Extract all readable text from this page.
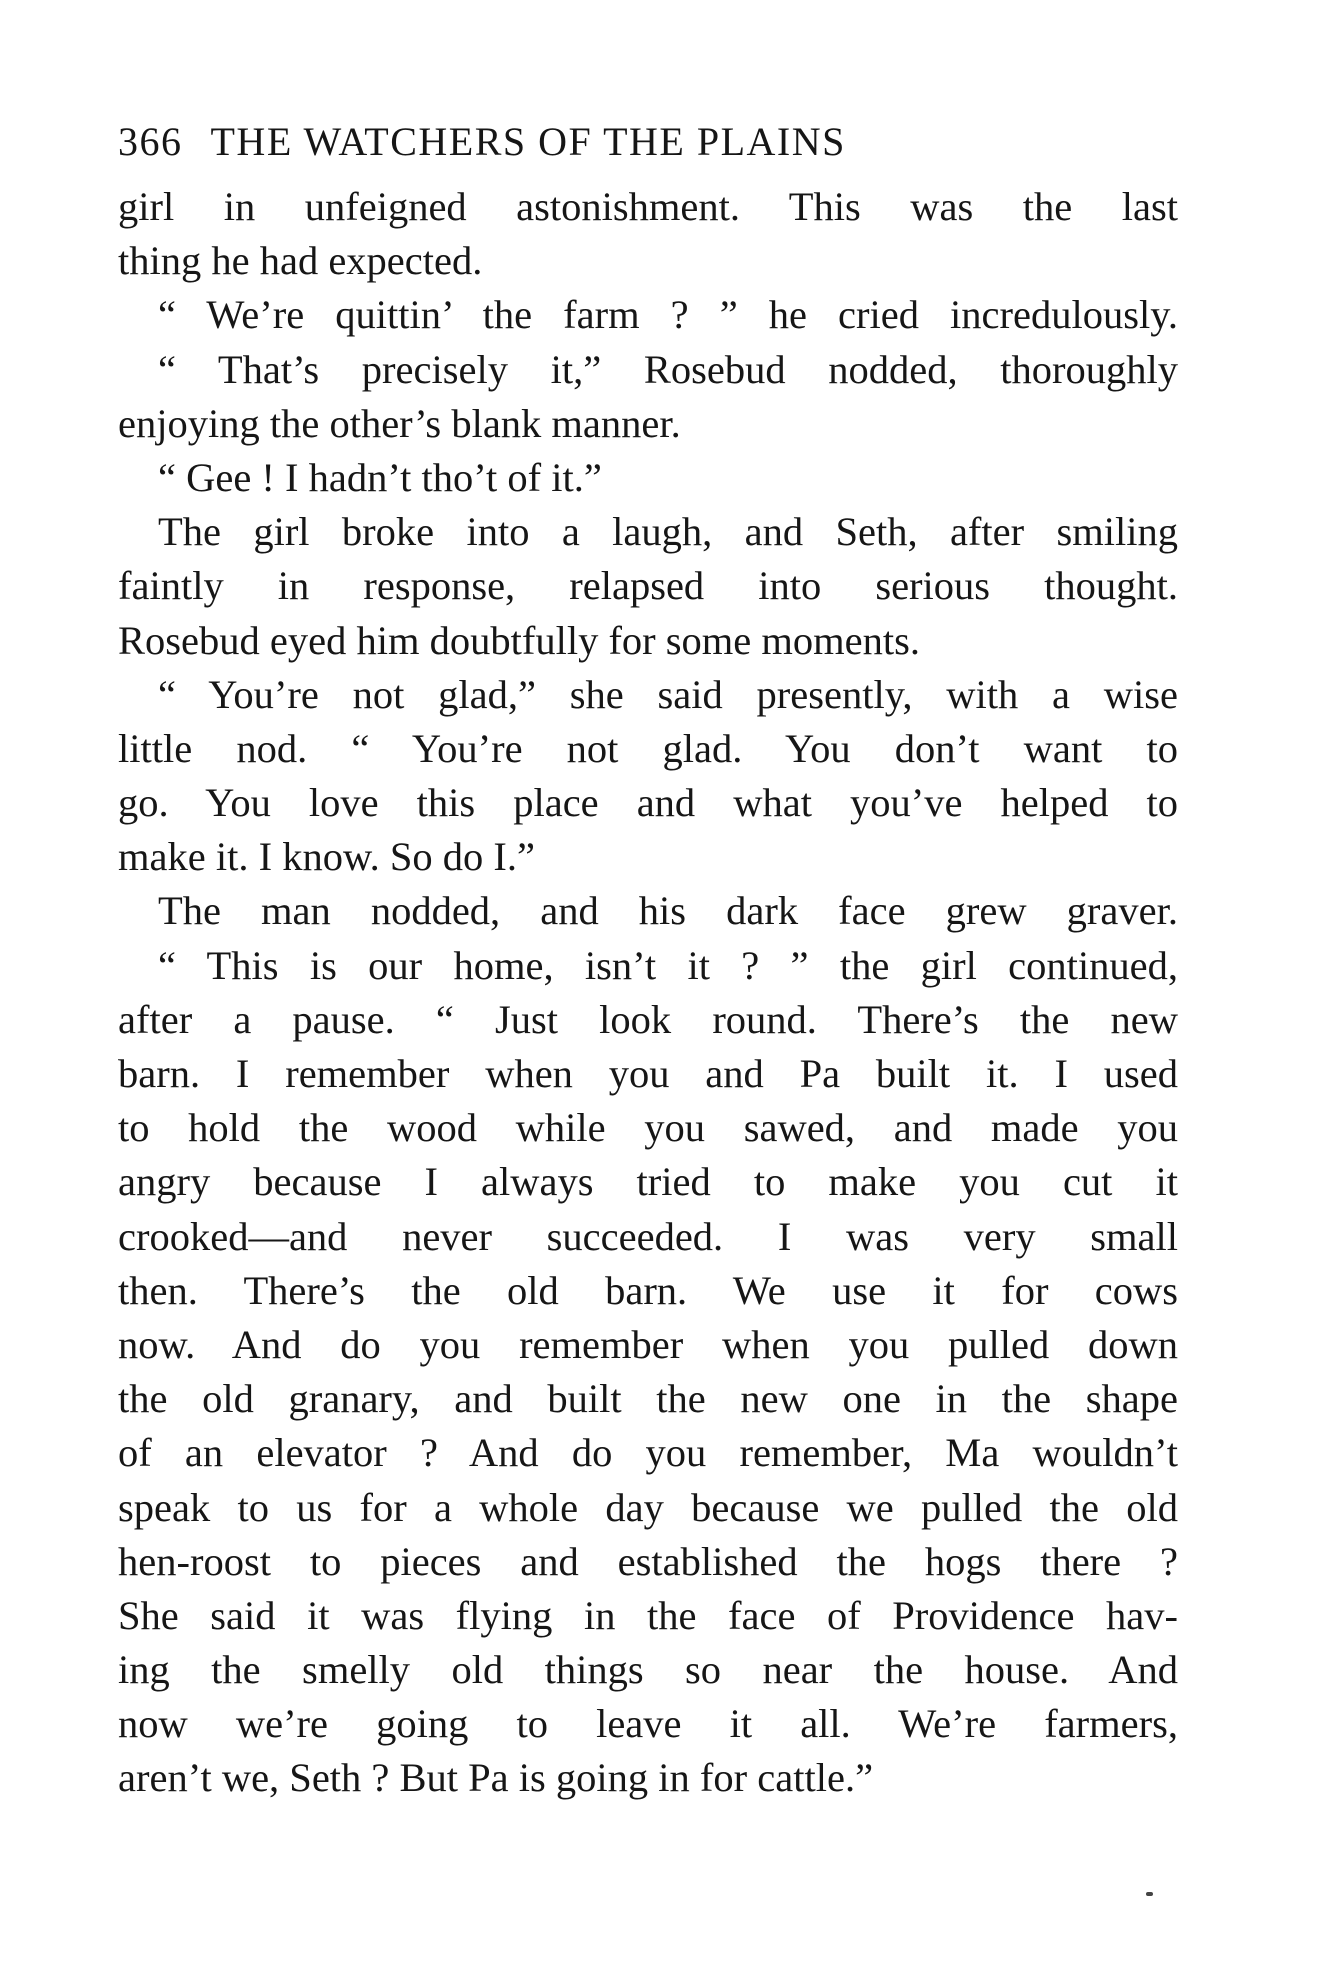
366 THE WATCHERS OF THE PLAINS
girl in unfeigned astonishment. This was the last
thing he had expected.
“ We’re quittin’ the farm ? ” he cried incredulously.
“ That’s precisely it,” Rosebud nodded, thoroughly
enjoying the other’s blank manner.
“ Gee ! I hadn’t tho’t of it.”
The girl broke into a laugh, and Seth, after smiling
faintly in response, relapsed into serious thought.
Rosebud eyed him doubtfully for some moments.
“ You’re not glad,” she said presently, with a wise
little nod. “ You’re not glad. You don’t want to
go. You love this place and what you’ve helped to
make it. I know. So do I.”
The man nodded, and his dark face grew graver.
“ This is our home, isn’t it ? ” the girl continued,
after a pause. “ Just look round. There’s the new
barn. I remember when you and Pa built it. I used
to hold the wood while you sawed, and made you
angry because I always tried to make you cut it
crooked—and never succeeded. I was very small
then. There’s the old barn. We use it for cows
now. And do you remember when you pulled down
the old granary, and built the new one in the shape
of an elevator ? And do you remember, Ma wouldn’t
speak to us for a whole day because we pulled the old
hen-roost to pieces and established the hogs there ?
She said it was flying in the face of Providence hav-
ing the smelly old things so near the house. And
now we’re going to leave it all. We’re farmers,
aren’t we, Seth ? But Pa is going in for cattle.”
